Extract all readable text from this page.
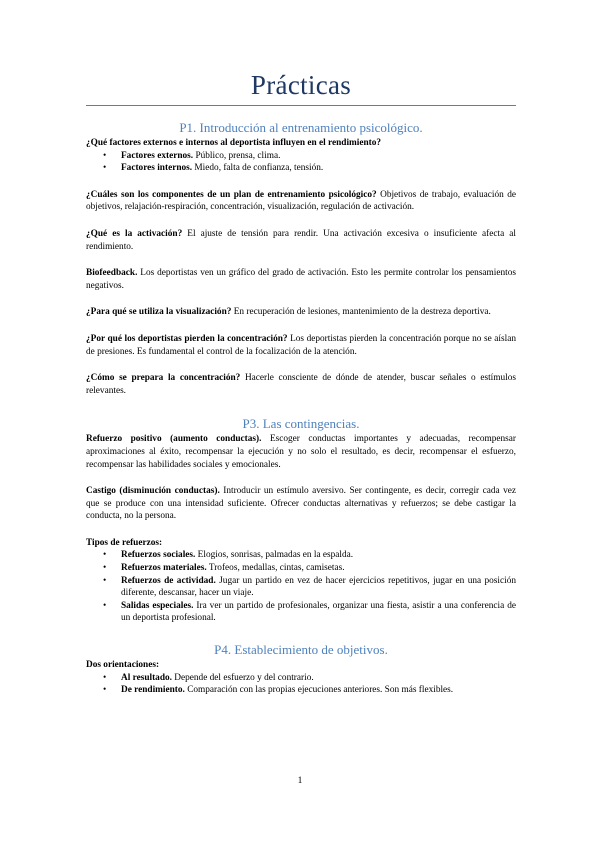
Prácticas
P1. Introducción al entrenamiento psicológico.

¿Qué factores externos e internos al deportista influyen en el rendimiento?

• Factores externos. Público, prensa, clima.
• Factores internos. Miedo, falta de confianza, tensión.

¿Cuáles son los componentes de un plan de entrenamiento psicológico? Objetivos de trabajo, evaluación de objetivos, relajación-respiración, concentración, visualización, regulación de activación.

¿Qué es la activación? El ajuste de tensión para rendir. Una activación excesiva o insuficiente afecta al rendimiento.

Biofeedback. Los deportistas ven un gráfico del grado de activación. Esto les permite controlar los pensamientos negativos.

¿Para qué se utiliza la visualización? En recuperación de lesiones, mantenimiento de la destreza deportiva.

¿Por qué los deportistas pierden la concentración? Los deportistas pierden la concentración porque no se aíslan de presiones. Es fundamental el control de la focalización de la atención.

¿Cómo se prepara la concentración? Hacerle consciente de dónde de atender, buscar señales o estímulos relevantes.

P3. Las contingencias.

Refuerzo positivo (aumento conductas). Escoger conductas importantes y adecuadas, recompensar aproximaciones al éxito, recompensar la ejecución y no solo el resultado, es decir, recompensar el esfuerzo, recompensar las habilidades sociales y emocionales.

Castigo (disminución conductas). Introducir un estímulo aversivo. Ser contingente, es decir, corregir cada vez que se produce con una intensidad suficiente. Ofrecer conductas alternativas y refuerzos; se debe castigar la conducta, no la persona.

Tipos de refuerzos:

• Refuerzos sociales. Elogios, sonrisas, palmadas en la espalda.
• Refuerzos materiales. Trofeos, medallas, cintas, camisetas.
• Refuerzos de actividad. Jugar un partido en vez de hacer ejercicios repetitivos, jugar en una posición diferente, descansar, hacer un viaje.
• Salidas especiales. Ira ver un partido de profesionales, organizar una fiesta, asistir a una conferencia de un deportista profesional.
P4. Establecimiento de objetivos.

Dos orientaciones:

• Al resultado. Depende del esfuerzo y del contrario.
• De rendimiento. Comparación con las propias ejecuciones anteriores. Son más flexibles.
1
